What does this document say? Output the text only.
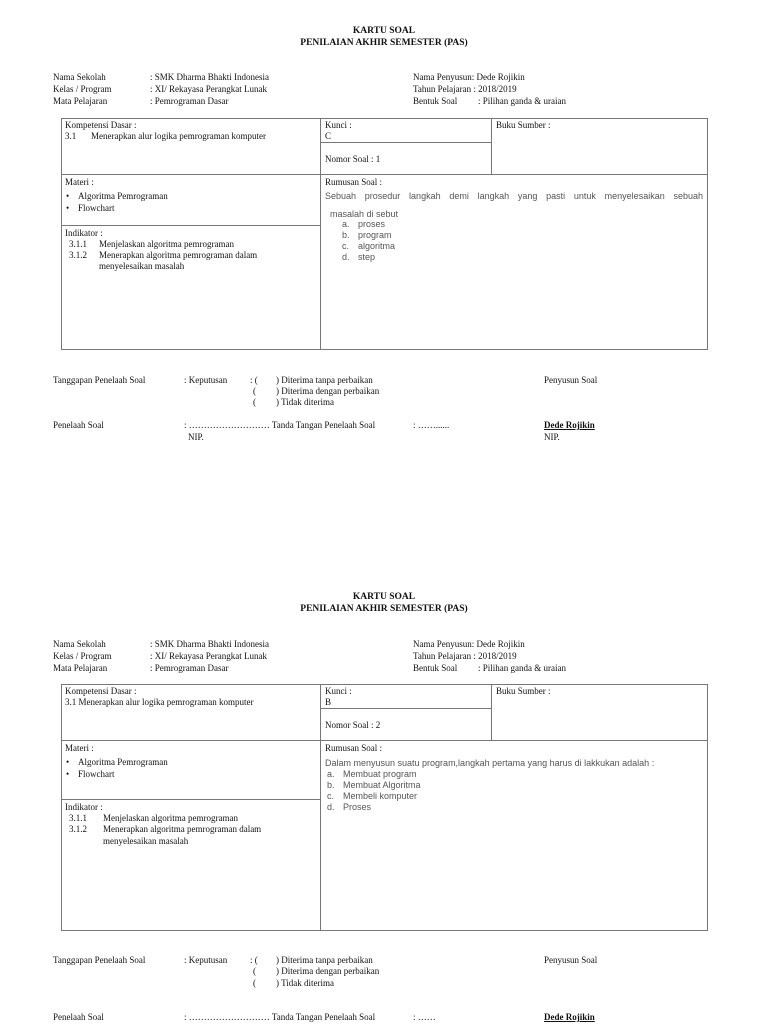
KARTU SOAL
PENILAIAN AKHIR SEMESTER (PAS)
Nama Sekolah	: SMK Dharma Bhakti Indonesia
Kelas / Program	: XI/ Rekayasa Perangkat Lunak
Mata Pelajaran	: Pemrograman Dasar
Nama Penyusun: Dede Rojikin
Tahun Pelajaran : 2018/2019
Bentuk Soal : Pilihan ganda & uraian
Kompetensi Dasar :
3.1 Menerapkan alur logika pemrograman komputer
Kunci :
C
Nomor Soal : 1
Buku Sumber :
Materi :
• Algoritma Pemrograman
• Flowchart
Indikator :
3.1.1 Menjelaskan algoritma pemrograman
3.1.2 Menerapkan algoritma pemrograman dalam
menyelesaikan masalah
Rumusan Soal :
Sebuah prosedur langkah demi langkah yang pasti untuk menyelesaikan sebuah
masalah di sebut
a. proses
b. program
c. algoritma
d. step
Tanggapan Penelaah Soal	: Keputusan	: ( ) Diterima tanpa perbaikan
( ) Diterima dengan perbaikan
( ) Tidak diterima
Penyusun Soal
Penelaah Soal	: ……………………… Tanda Tangan Penelaah Soal	: ……......	Dede Rojikin
NIP.	NIP.
KARTU SOAL
PENILAIAN AKHIR SEMESTER (PAS)
Nama Sekolah	: SMK Dharma Bhakti Indonesia
Kelas / Program	: XI/ Rekayasa Perangkat Lunak
Mata Pelajaran	: Pemrograman Dasar
Nama Penyusun: Dede Rojikin
Tahun Pelajaran : 2018/2019
Bentuk Soal : Pilihan ganda & uraian
Kompetensi Dasar :
3.1 Menerapkan alur logika pemrograman komputer
Kunci :
B
Nomor Soal : 2
Buku Sumber :
Materi :
• Algoritma Pemrograman
• Flowchart
Indikator :
3.1.1 Menjelaskan algoritma pemrograman
3.1.2 Menerapkan algoritma pemrograman dalam
menyelesaikan masalah
Rumusan Soal :
Dalam menyusun suatu program,langkah pertama yang harus di lakkukan adalah :
a. Membuat program
b. Membuat Algoritma
c. Membeli komputer
d. Proses
Tanggapan Penelaah Soal	: Keputusan	: ( ) Diterima tanpa perbaikan
( ) Diterima dengan perbaikan
( ) Tidak diterima
Penyusun Soal
Penelaah Soal	: ……………………… Tanda Tangan Penelaah Soal	: ……	Dede Rojikin
